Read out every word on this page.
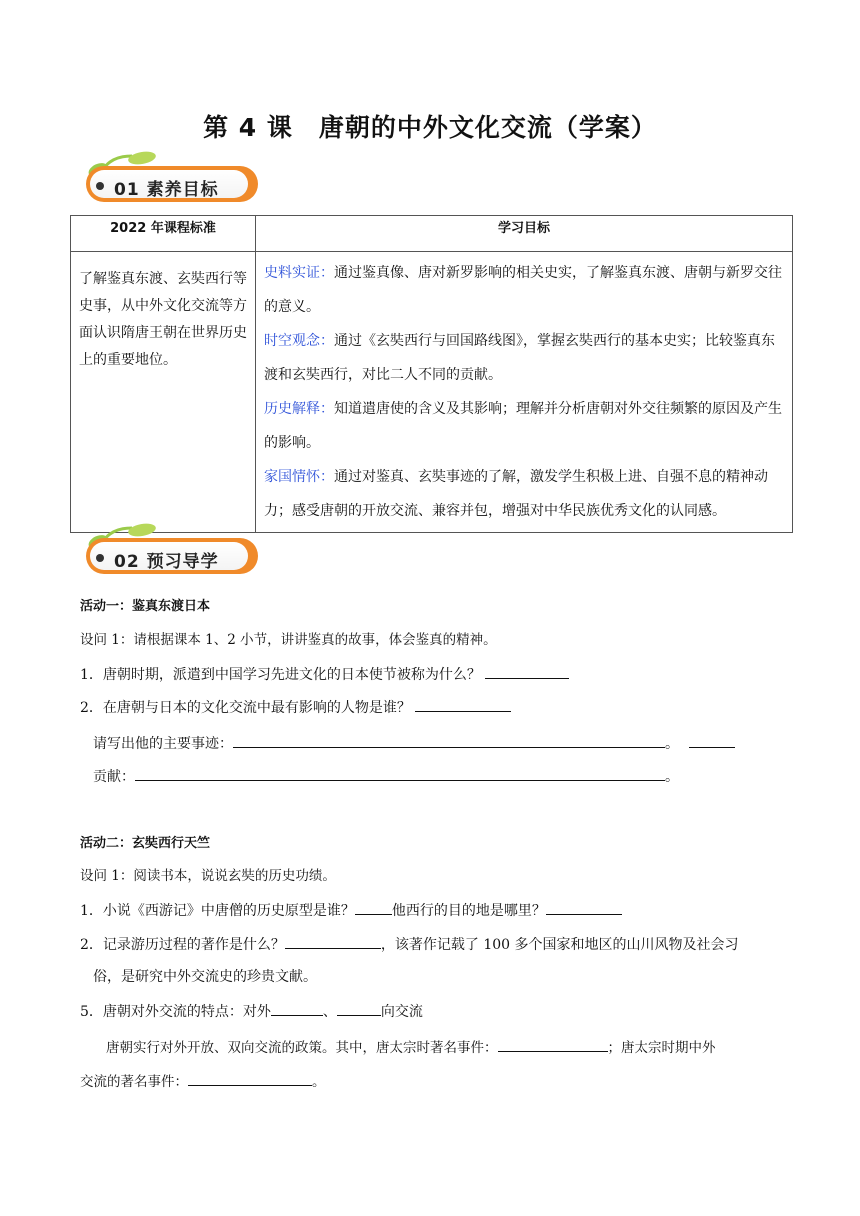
第 4 课　唐朝的中外文化交流（学案）
01 素养目标
2022 年课程标准	学习目标
了解鉴真东渡、玄奘西行等史事，从中外文化交流等方面认识隋唐王朝在世界历史上的重要地位。	史料实证：通过鉴真像、唐对新罗影响的相关史实，了解鉴真东渡、唐朝与新罗交往的意义。
时空观念：通过《玄奘西行与回国路线图》，掌握玄奘西行的基本史实；比较鉴真东渡和玄奘西行，对比二人不同的贡献。
历史解释：知道遣唐使的含义及其影响；理解并分析唐朝对外交往频繁的原因及产生的影响。
家国情怀：通过对鉴真、玄奘事迹的了解，激发学生积极上进、自强不息的精神动力；感受唐朝的开放交流、兼容并包，增强对中华民族优秀文化的认同感。
02 预习导学
活动一：鉴真东渡日本
设问 1：请根据课本 1、2 小节，讲讲鉴真的故事，体会鉴真的精神。
1．唐朝时期，派遣到中国学习先进文化的日本使节被称为什么？
2．在唐朝与日本的文化交流中最有影响的人物是谁？
请写出他的主要事迹：	。
贡献：	。
活动二：玄奘西行天竺
设问 1：阅读书本，说说玄奘的历史功绩。
1．小说《西游记》中唐僧的历史原型是谁？	他西行的目的地是哪里？
2．记录游历过程的著作是什么？	，该著作记载了 100 多个国家和地区的山川风物及社会习
俗，是研究中外交流史的珍贵文献。
5．唐朝对外交流的特点：对外	、	向交流
唐朝实行对外开放、双向交流的政策。其中，唐太宗时著名事件：	；唐太宗时期中外
交流的著名事件：	。
